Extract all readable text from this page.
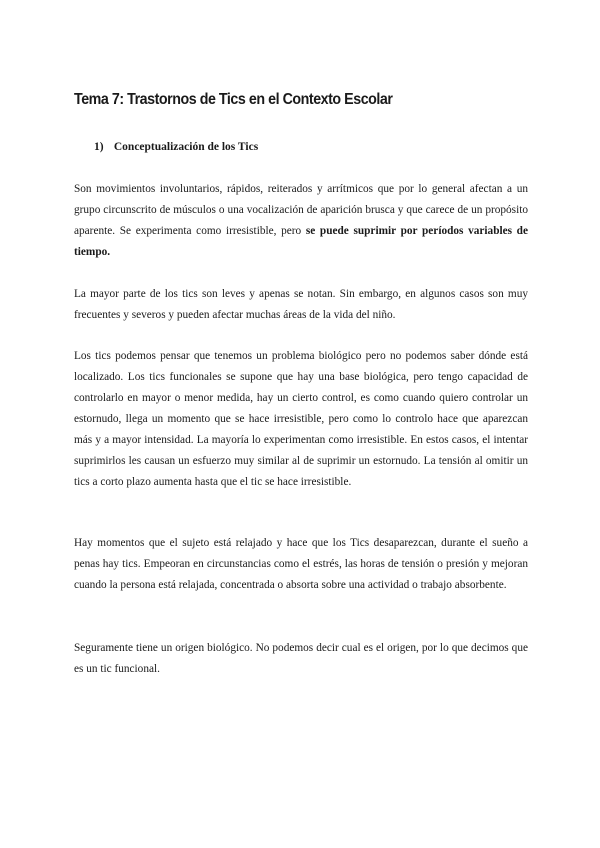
Tema 7: Trastornos de Tics en el Contexto Escolar
1) Conceptualización de los Tics

Son movimientos involuntarios, rápidos, reiterados y arrítmicos que por lo general afectan a un grupo circunscrito de músculos o una vocalización de aparición brusca y que carece de un propósito aparente. Se experimenta como irresistible, pero se puede suprimir por períodos variables de tiempo.

La mayor parte de los tics son leves y apenas se notan. Sin embargo, en algunos casos son muy frecuentes y severos y pueden afectar muchas áreas de la vida del niño.

Los tics podemos pensar que tenemos un problema biológico pero no podemos saber dónde está localizado. Los tics funcionales se supone que hay una base biológica, pero tengo capacidad de controlarlo en mayor o menor medida, hay un cierto control, es como cuando quiero controlar un estornudo, llega un momento que se hace irresistible, pero como lo controlo hace que aparezcan más y a mayor intensidad. La mayoría lo experimentan como irresistible. En estos casos, el intentar suprimirlos les causan un esfuerzo muy similar al de suprimir un estornudo. La tensión al omitir un tics a corto plazo aumenta hasta que el tic se hace irresistible.

Hay momentos que el sujeto está relajado y hace que los Tics desaparezcan, durante el sueño a penas hay tics. Empeoran en circunstancias como el estrés, las horas de tensión o presión y mejoran cuando la persona está relajada, concentrada o absorta sobre una actividad o trabajo absorbente.

Seguramente tiene un origen biológico. No podemos decir cual es el origen, por lo que decimos que es un tic funcional.
